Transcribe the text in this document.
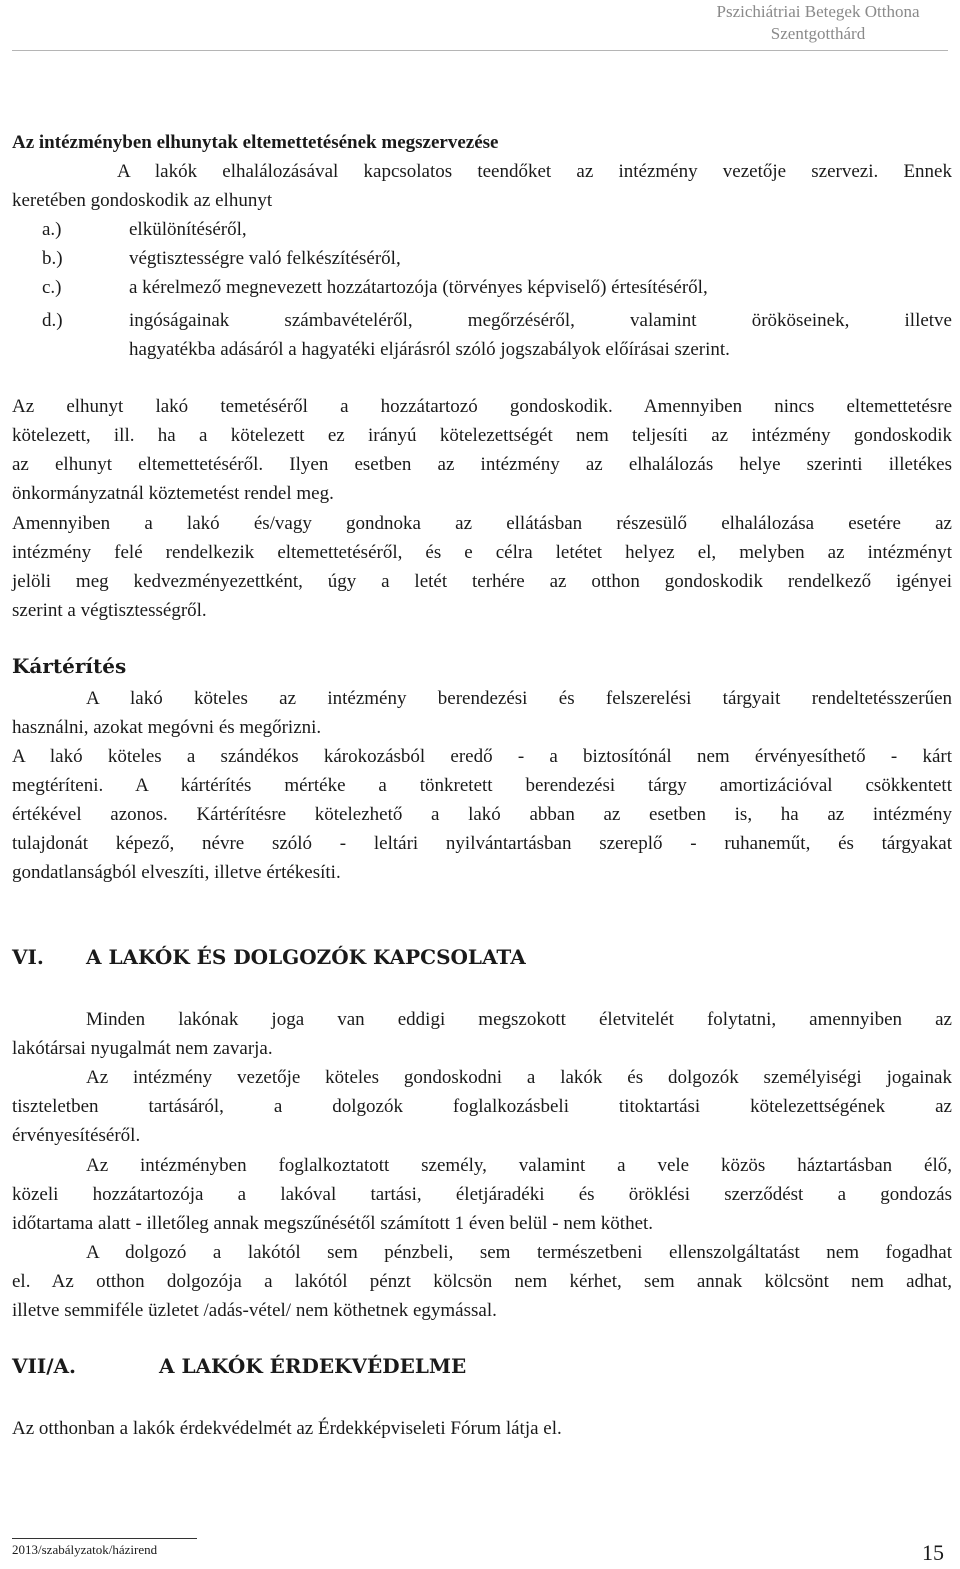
Pszichiátriai Betegek Otthona
Szentgotthárd
Az intézményben elhunytak eltemettetésének megszervezése
A lakók elhalálozásával kapcsolatos teendőket az intézmény vezetője szervezi. Ennek
keretében gondoskodik az elhunyt
a.)	elkülönítéséről,
b.)	végtisztességre való felkészítéséről,
c.)	a kérelmező megnevezett hozzátartozója (törvényes képviselő) értesítéséről,
d.)	ingóságainak számbavételéről, megőrzéséről, valamint örököseinek, illetve
hagyatékba adásáról a hagyatéki eljárásról szóló jogszabályok előírásai szerint.
Az elhunyt lakó temetéséről a hozzátartozó gondoskodik. Amennyiben nincs eltemettetésre
kötelezett, ill. ha a kötelezett ez irányú kötelezettségét nem teljesíti az intézmény gondoskodik
az elhunyt eltemettetéséről. Ilyen esetben az intézmény az elhalálozás helye szerinti illetékes
önkormányzatnál köztemetést rendel meg.
Amennyiben a lakó és/vagy gondnoka az ellátásban részesülő elhalálozása esetére az
intézmény felé rendelkezik eltemettetéséről, és e célra letétet helyez el, melyben az intézményt
jelöli meg kedvezményezettként, úgy a letét terhére az otthon gondoskodik rendelkező igényei
szerint a végtisztességről.
Kártérítés
A lakó köteles az intézmény berendezési és felszerelési tárgyait rendeltetésszerűen
használni, azokat megóvni és megőrizni.
A lakó köteles a szándékos károkozásból eredő - a biztosítónál nem érvényesíthető - kárt
megtéríteni. A kártérítés mértéke a tönkretett berendezési tárgy amortizációval csökkentett
értékével azonos. Kártérítésre kötelezhető a lakó abban az esetben is, ha az intézmény
tulajdonát képező, névre szóló - leltári nyilvántartásban szereplő - ruhaneműt, és tárgyakat
gondatlanságból elveszíti, illetve értékesíti.
VI. A LAKÓK ÉS DOLGOZÓK KAPCSOLATA
Minden lakónak joga van eddigi megszokott életvitelét folytatni, amennyiben az
lakótársai nyugalmát nem zavarja.
Az intézmény vezetője köteles gondoskodni a lakók és dolgozók személyiségi jogainak
tiszteletben tartásáról, a dolgozók foglalkozásbeli titoktartási kötelezettségének az
érvényesítéséről.
Az intézményben foglalkoztatott személy, valamint a vele közös háztartásban élő,
közeli hozzátartozója a lakóval tartási, életjáradéki és öröklési szerződést a gondozás
időtartama alatt - illetőleg annak megszűnésétől számított 1 éven belül - nem köthet.
A dolgozó a lakótól sem pénzbeli, sem természetbeni ellenszolgáltatást nem fogadhat
el. Az otthon dolgozója a lakótól pénzt kölcsön nem kérhet, sem annak kölcsönt nem adhat,
illetve semmiféle üzletet /adás-vétel/ nem köthetnek egymással.
VII/A.	A LAKÓK ÉRDEKVÉDELME
Az otthonban a lakók érdekvédelmét az Érdekképviseleti Fórum látja el.
2013/szabályzatok/házirend	15
